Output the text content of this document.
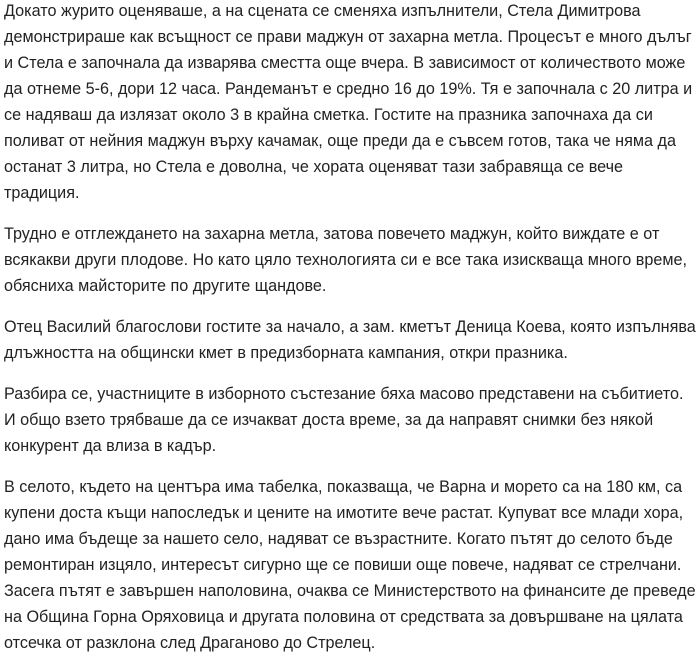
Докато журито оценяваше, а на сцената се сменяха изпълнители, Стела Димитрова демонстрираше как всъщност се прави маджун от захарна метла. Процесът е много дълъг и Стела е започнала да изварява сместта още вчера. В зависимост от количеството може да отнеме 5-6, дори 12 часа. Рандеманът е средно 16 до 19%. Тя е започнала с 20 литра и се надяваш да излязат около 3 в крайна сметка. Гостите на празника започнаха да си поливат от нейния маджун върху качамак, още преди да е съвсем готов, така че няма да останат 3 литра, но Стела е доволна, че хората оценяват тази забравяща се вече традиция.

Трудно е отглеждането на захарна метла, затова повечето маджун, който виждате е от всякакви други плодове. Но като цяло технологията си е все така изискваща много време, обясниха майсторите по другите щандове.

Отец Василий благослови гостите за начало, а зам. кметът Деница Коева, която изпълнява длъжността на общински кмет в предизборната кампания, откри празника.

Разбира се, участниците в изборното състезание бяха масово представени на събитието. И общо взето трябваше да се изчакват доста време, за да направят снимки без някой конкурент да влиза в кадър.

В селото, където на центъра има табелка, показваща, че Варна и морето са на 180 км, са купени доста къщи напоследък и цените на имотите вече растат. Купуват все млади хора, дано има бъдеще за нашето село, надяват се възрастните. Когато пътят до селото бъде ремонтиран изцяло, интересът сигурно ще се повиши още повече, надяват се стрелчани. Засега пътят е завършен наполовина, очаква се Министерството на финансите де преведе на Община Горна Оряховица и другата половина от средствата за довършване на цялата отсечка от разклона след Драганово до Стрелец.
